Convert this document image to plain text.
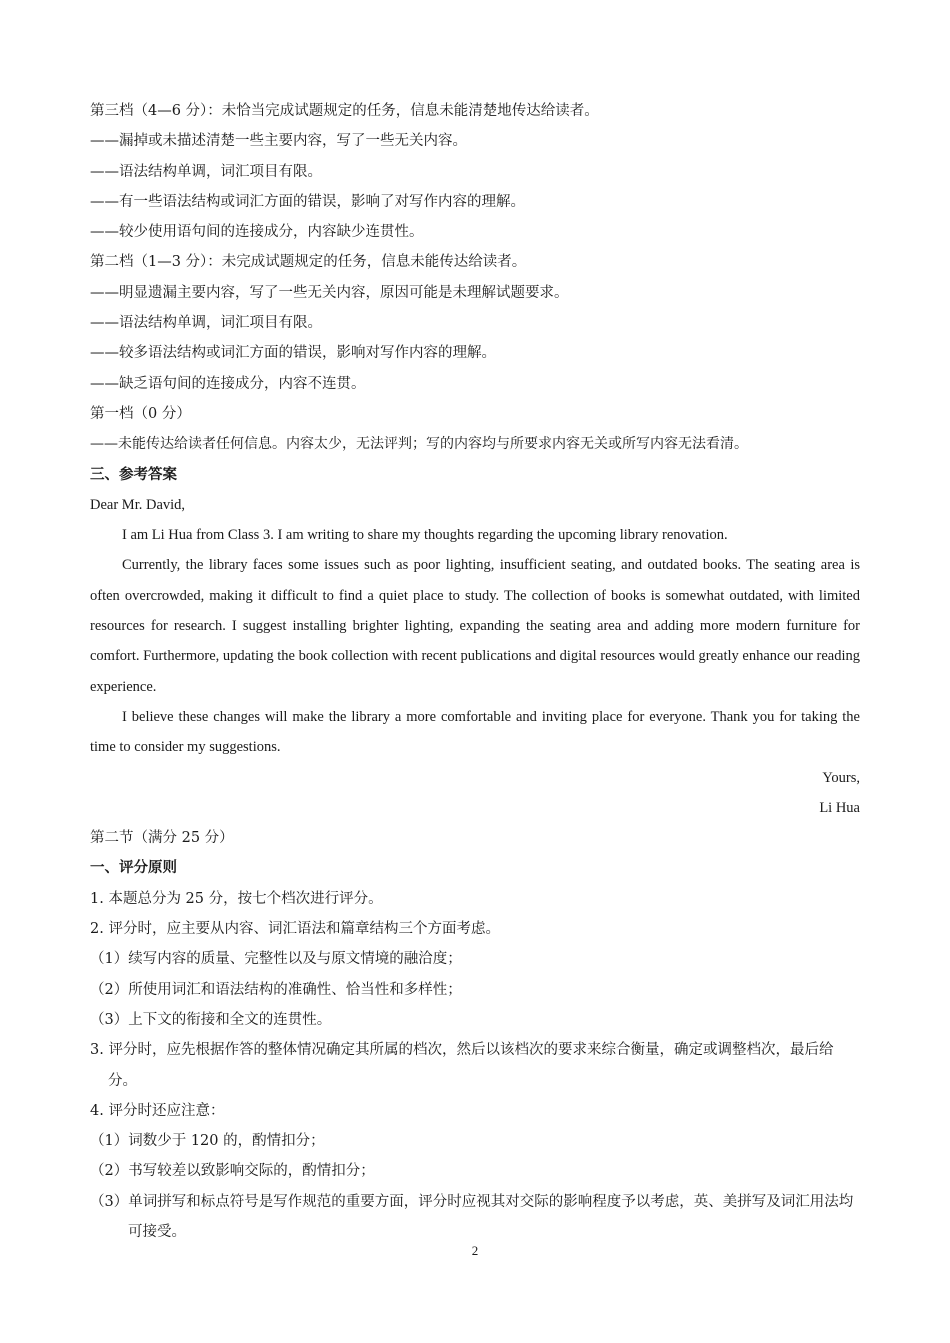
第三档（4—6 分）：未恰当完成试题规定的任务，信息未能清楚地传达给读者。
——漏掉或未描述清楚一些主要内容，写了一些无关内容。
——语法结构单调，词汇项目有限。
——有一些语法结构或词汇方面的错误，影响了对写作内容的理解。
——较少使用语句间的连接成分，内容缺少连贯性。
第二档（1—3 分）：未完成试题规定的任务，信息未能传达给读者。
——明显遗漏主要内容，写了一些无关内容，原因可能是未理解试题要求。
——语法结构单调，词汇项目有限。
——较多语法结构或词汇方面的错误，影响对写作内容的理解。
——缺乏语句间的连接成分，内容不连贯。
第一档（0 分）
——未能传达给读者任何信息。内容太少，无法评判；写的内容均与所要求内容无关或所写内容无法看清。
三、参考答案
Dear Mr. David,
I am Li Hua from Class 3. I am writing to share my thoughts regarding the upcoming library renovation.
Currently, the library faces some issues such as poor lighting, insufficient seating, and outdated books. The seating area is often overcrowded, making it difficult to find a quiet place to study. The collection of books is somewhat outdated, with limited resources for research. I suggest installing brighter lighting, expanding the seating area and adding more modern furniture for comfort. Furthermore, updating the book collection with recent publications and digital resources would greatly enhance our reading experience.
I believe these changes will make the library a more comfortable and inviting place for everyone. Thank you for taking the time to consider my suggestions.
Yours,
Li Hua
第二节（满分 25 分）
一、评分原则
1. 本题总分为 25 分，按七个档次进行评分。
2. 评分时，应主要从内容、词汇语法和篇章结构三个方面考虑。
（1）续写内容的质量、完整性以及与原文情境的融洽度；
（2）所使用词汇和语法结构的准确性、恰当性和多样性；
（3）上下文的衔接和全文的连贯性。
3. 评分时，应先根据作答的整体情况确定其所属的档次，然后以该档次的要求来综合衡量，确定或调整档次，最后给分。
4. 评分时还应注意：
（1）词数少于 120 的，酌情扣分；
（2）书写较差以致影响交际的，酌情扣分；
（3）单词拼写和标点符号是写作规范的重要方面，评分时应视其对交际的影响程度予以考虑，英、美拼写及词汇用法均可接受。
2
